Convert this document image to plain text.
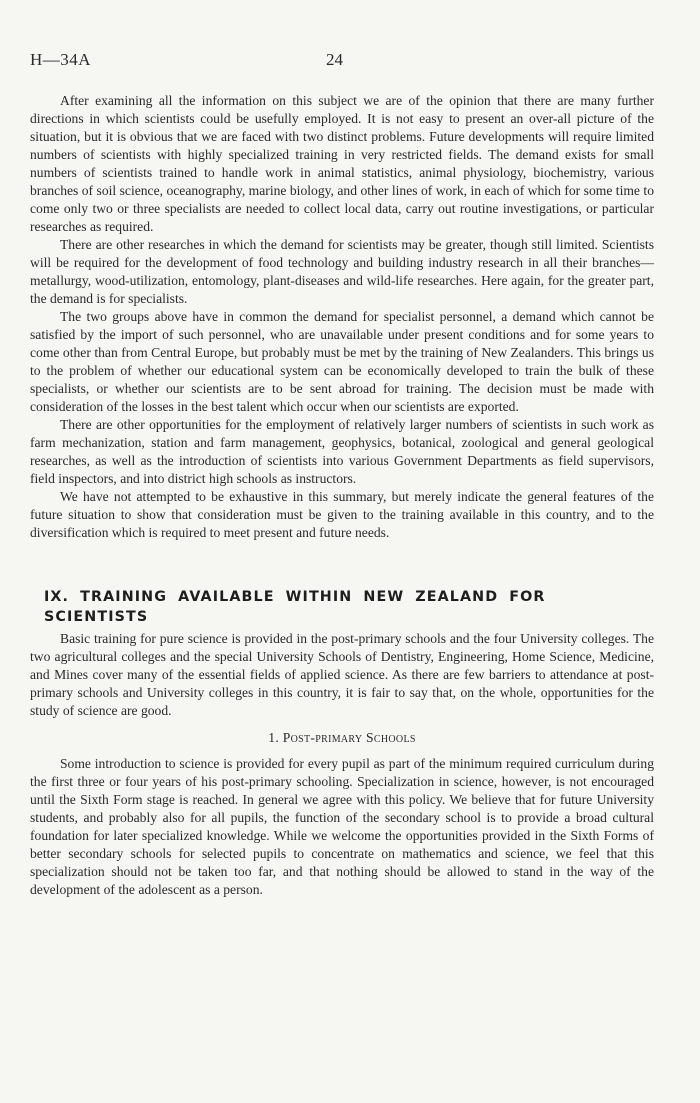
H—34A	24

After examining all the information on this subject we are of the opinion that there are many further directions in which scientists could be usefully employed. It is not easy to present an over-all picture of the situation, but it is obvious that we are faced with two distinct problems. Future developments will require limited numbers of scientists with highly specialized training in very restricted fields. The demand exists for small numbers of scientists trained to handle work in animal statistics, animal physiology, biochemistry, various branches of soil science, oceanography, marine biology, and other lines of work, in each of which for some time to come only two or three specialists are needed to collect local data, carry out routine investigations, or particular researches as required.

There are other researches in which the demand for scientists may be greater, though still limited. Scientists will be required for the development of food technology and building industry research in all their branches—metallurgy, wood-utilization, entomology, plant-diseases and wild-life researches. Here again, for the greater part, the demand is for specialists.

The two groups above have in common the demand for specialist personnel, a demand which cannot be satisfied by the import of such personnel, who are unavailable under present conditions and for some years to come other than from Central Europe, but probably must be met by the training of New Zealanders. This brings us to the problem of whether our educational system can be economically developed to train the bulk of these specialists, or whether our scientists are to be sent abroad for training. The decision must be made with consideration of the losses in the best talent which occur when our scientists are exported.

There are other opportunities for the employment of relatively larger numbers of scientists in such work as farm mechanization, station and farm management, geophysics, botanical, zoological and general geological researches, as well as the introduction of scientists into various Government Departments as field supervisors, field inspectors, and into district high schools as instructors.

We have not attempted to be exhaustive in this summary, but merely indicate the general features of the future situation to show that consideration must be given to the training available in this country, and to the diversification which is required to meet present and future needs.

IX. TRAINING AVAILABLE WITHIN NEW ZEALAND FOR SCIENTISTS

Basic training for pure science is provided in the post-primary schools and the four University colleges. The two agricultural colleges and the special University Schools of Dentistry, Engineering, Home Science, Medicine, and Mines cover many of the essential fields of applied science. As there are few barriers to attendance at post-primary schools and University colleges in this country, it is fair to say that, on the whole, opportunities for the study of science are good.

1. Post-primary Schools

Some introduction to science is provided for every pupil as part of the minimum required curriculum during the first three or four years of his post-primary schooling. Specialization in science, however, is not encouraged until the Sixth Form stage is reached. In general we agree with this policy. We believe that for future University students, and probably also for all pupils, the function of the secondary school is to provide a broad cultural foundation for later specialized knowledge. While we welcome the opportunities provided in the Sixth Forms of better secondary schools for selected pupils to concentrate on mathematics and science, we feel that this specialization should not be taken too far, and that nothing should be allowed to stand in the way of the development of the adolescent as a person.
